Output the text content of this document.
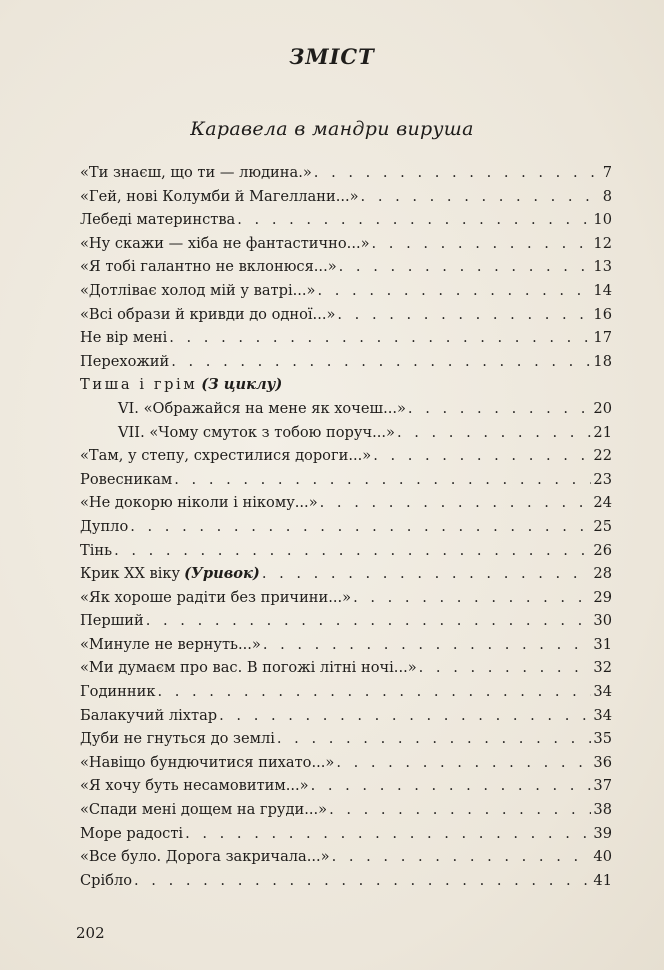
ЗМІСТ
Каравела в мандри вируша
«Ти знаєш, що ти — людина.» . . .	7
«Гей, нові Колумби й Магеллани...» . . .	8
Лебеді материнства . . .	10
«Ну скажи — хіба не фантастично...» . . .	12
«Я тобі галантно не вклонюся...» . . .	13
«Дотліває холод мій у ватрі...» . . .	14
«Всі образи й кривди до одної...» . . .	16
Не вір мені . . .	17
Перехожий . . .	18
Тиша і грім (З циклу)
VI. «Ображайся на мене як хочеш...» . . .	20
VII. «Чому смуток з тобою поруч...» . . .	21
«Там, у степу, схрестилися дороги...» . . .	22
Ровесникам . . .	23
«Не докорю ніколи і нікому...» . . .	24
Дупло . . .	25
Тінь . . .	26
Крик XX віку (Уривок) . . .	28
«Як хороше радіти без причини...» . . .	29
Перший . . .	30
«Минуле не вернуть...» . . .	31
«Ми думаєм про вас. В погожі літні ночі...» . . .	32
Годинник . . .	34
Балакучий ліхтар . . .	34
Дуби не гнуться до землі . . .	35
«Навіщо бундючитися пихато...» . . .	36
«Я хочу буть несамовитим...» . . .	37
«Спади мені дощем на груди...» . . .	38
Море радості . . .	39
«Все було. Дорога закричала...» . . .	40
Срібло . . .	41
202
